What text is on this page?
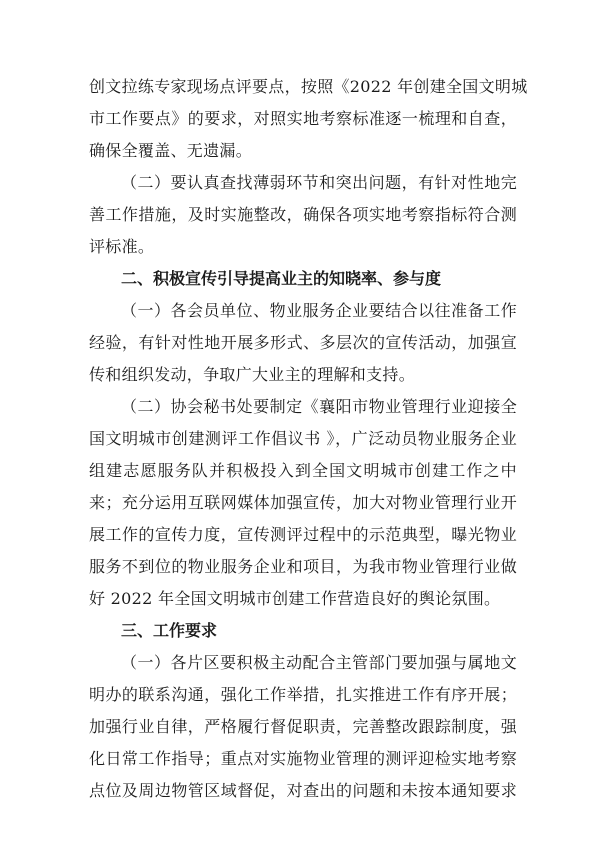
创文拉练专家现场点评要点，按照《2022 年创建全国文明城

市工作要点》的要求，对照实地考察标准逐一梳理和自查，

确保全覆盖、无遗漏。

（二）要认真查找薄弱环节和突出问题，有针对性地完

善工作措施，及时实施整改，确保各项实地考察指标符合测

评标准。

二、积极宣传引导提高业主的知晓率、参与度

（一）各会员单位、物业服务企业要结合以往准备工作

经验，有针对性地开展多形式、多层次的宣传活动，加强宣

传和组织发动，争取广大业主的理解和支持。

（二）协会秘书处要制定《襄阳市物业管理行业迎接全

国文明城市创建测评工作倡议书 》，广泛动员物业服务企业

组建志愿服务队并积极投入到全国文明城市创建工作之中

来；充分运用互联网媒体加强宣传，加大对物业管理行业开

展工作的宣传力度，宣传测评过程中的示范典型，曝光物业

服务不到位的物业服务企业和项目，为我市物业管理行业做

好 2022 年全国文明城市创建工作营造良好的舆论氛围。

三、工作要求

（一）各片区要积极主动配合主管部门要加强与属地文

明办的联系沟通，强化工作举措，扎实推进工作有序开展；

加强行业自律，严格履行督促职责，完善整改跟踪制度，强

化日常工作指导；重点对实施物业管理的测评迎检实地考察

点位及周边物管区域督促，对查出的问题和未按本通知要求
